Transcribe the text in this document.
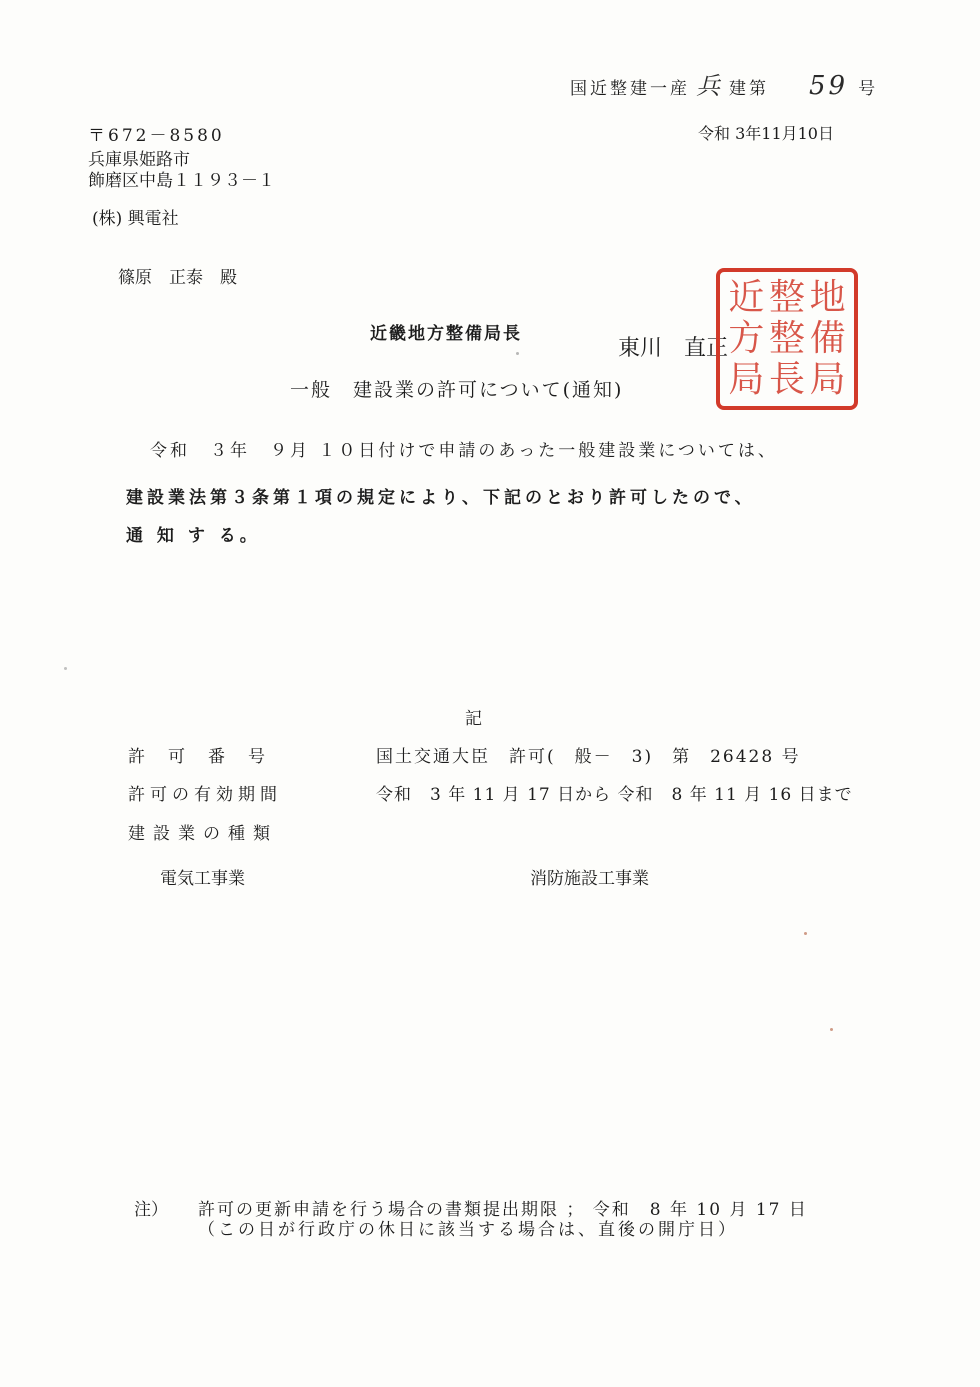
国近整建一産 兵 建第 59 号
令和 3年11月10日
〒672－8580
兵庫県姫路市
飾磨区中島１１９３－１
(株) 興電社
篠原　正泰　殿
近畿地方整備局長
東川　直正
地
備
局
整
整
長
近
方
局
一般　建設業の許可について(通知)
令和　３年　９月 １０日付けで申請のあった一般建設業については、
建設業法第３条第１項の規定により、下記のとおり許可したので、
通 知 す る。
記
許　可　番　号	国土交通大臣　許可(　般－　3)　第　26428 号
許可の有効期間	令和　3 年 11 月 17 日から 令和　8 年 11 月 16 日まで
建設業の種類
電気工事業	消防施設工事業
注） 許可の更新申請を行う場合の書類提出期限 ； 令和　8 年 10 月 17 日
（この日が行政庁の休日に該当する場合は、直後の開庁日）
